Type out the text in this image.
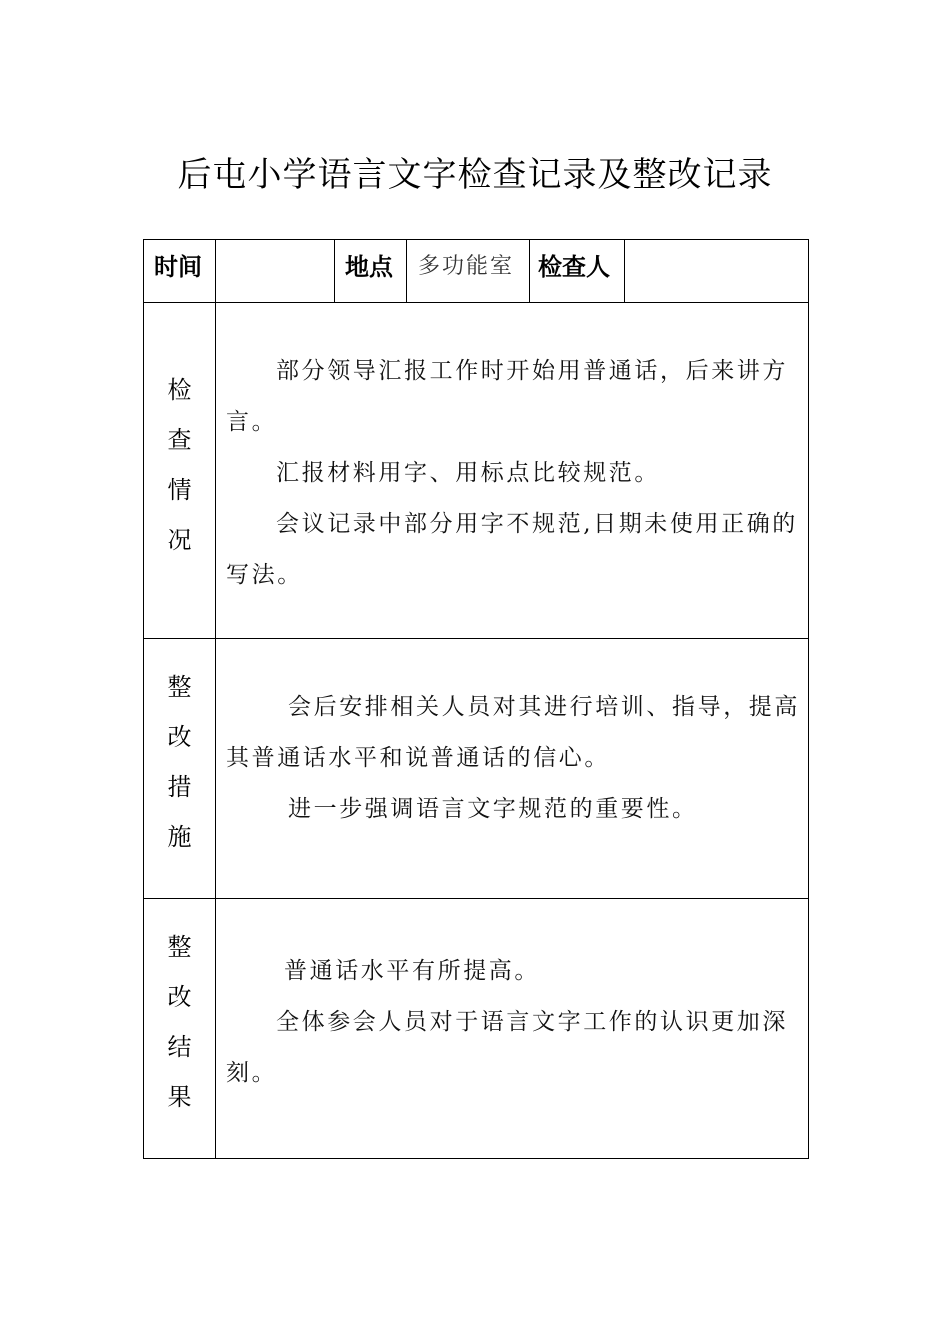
后屯小学语言文字检查记录及整改记录
时间	地点 多功能室 检查人
检
查
情
况

部分领导汇报工作时开始用普通话，后来讲方言。

汇报材料用字、用标点比较规范。

会议记录中部分用字不规范,日期未使用正确的写法。

整
改
措
施

会后安排相关人员对其进行培训、指导，提高其普通话水平和说普通话的信心。

进一步强调语言文字规范的重要性。

整
改
结
果

普通话水平有所提高。

全体参会人员对于语言文字工作的认识更加深刻。
